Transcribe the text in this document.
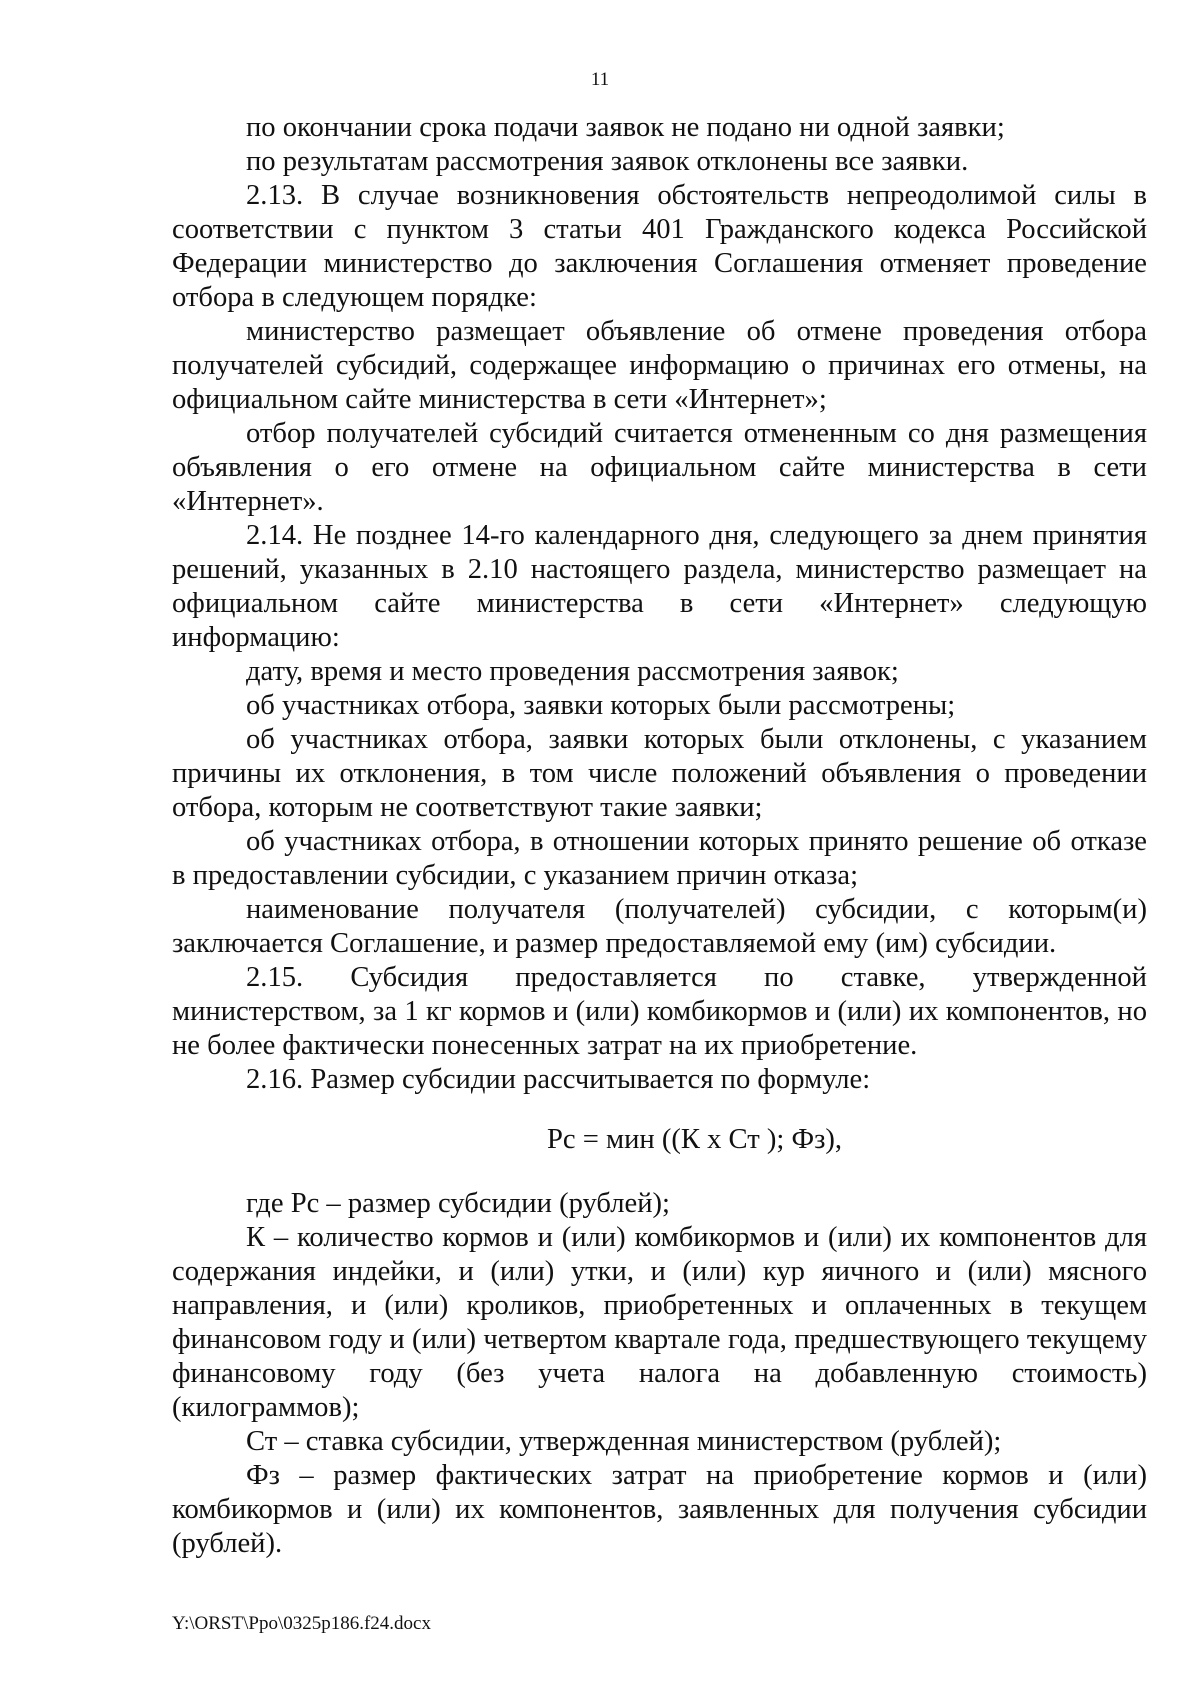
11

по окончании срока подачи заявок не подано ни одной заявки;

по результатам рассмотрения заявок отклонены все заявки.

2.13. В случае возникновения обстоятельств непреодолимой силы в соответствии с пунктом 3 статьи 401 Гражданского кодекса Российской Федерации министерство до заключения Соглашения отменяет проведение отбора в следующем порядке:

министерство размещает объявление об отмене проведения отбора получателей субсидий, содержащее информацию о причинах его отмены, на официальном сайте министерства в сети «Интернет»;

отбор получателей субсидий считается отмененным со дня размещения объявления о его отмене на официальном сайте министерства в сети «Интернет».

2.14. Не позднее 14-го календарного дня, следующего за днем принятия решений, указанных в 2.10 настоящего раздела, министерство размещает на официальном сайте министерства в сети «Интернет» следующую информацию:

дату, время и место проведения рассмотрения заявок;

об участниках отбора, заявки которых были рассмотрены;

об участниках отбора, заявки которых были отклонены, с указанием причины их отклонения, в том числе положений объявления о проведении отбора, которым не соответствуют такие заявки;

об участниках отбора, в отношении которых принято решение об отказе в предоставлении субсидии, с указанием причин отказа;

наименование получателя (получателей) субсидии, с которым(и) заключается Соглашение, и размер предоставляемой ему (им) субсидии.

2.15. Субсидия предоставляется по ставке, утвержденной министерством, за 1 кг кормов и (или) комбикормов и (или) их компонентов, но не более фактически понесенных затрат на их приобретение.

2.16. Размер субсидии рассчитывается по формуле:

Рс = мин ((К х Ст ); Фз),

где Рс – размер субсидии (рублей);

К – количество кормов и (или) комбикормов и (или) их компонентов для содержания индейки, и (или) утки, и (или) кур яичного и (или) мясного направления, и (или) кроликов, приобретенных и оплаченных в текущем финансовом году и (или) четвертом квартале года, предшествующего текущему финансовому году (без учета налога на добавленную стоимость) (килограммов);

Ст – ставка субсидии, утвержденная министерством (рублей);

Фз – размер фактических затрат на приобретение кормов и (или) комбикормов и (или) их компонентов, заявленных для получения субсидии (рублей).

Y:\ORST\Ppo\0325p186.f24.docx
